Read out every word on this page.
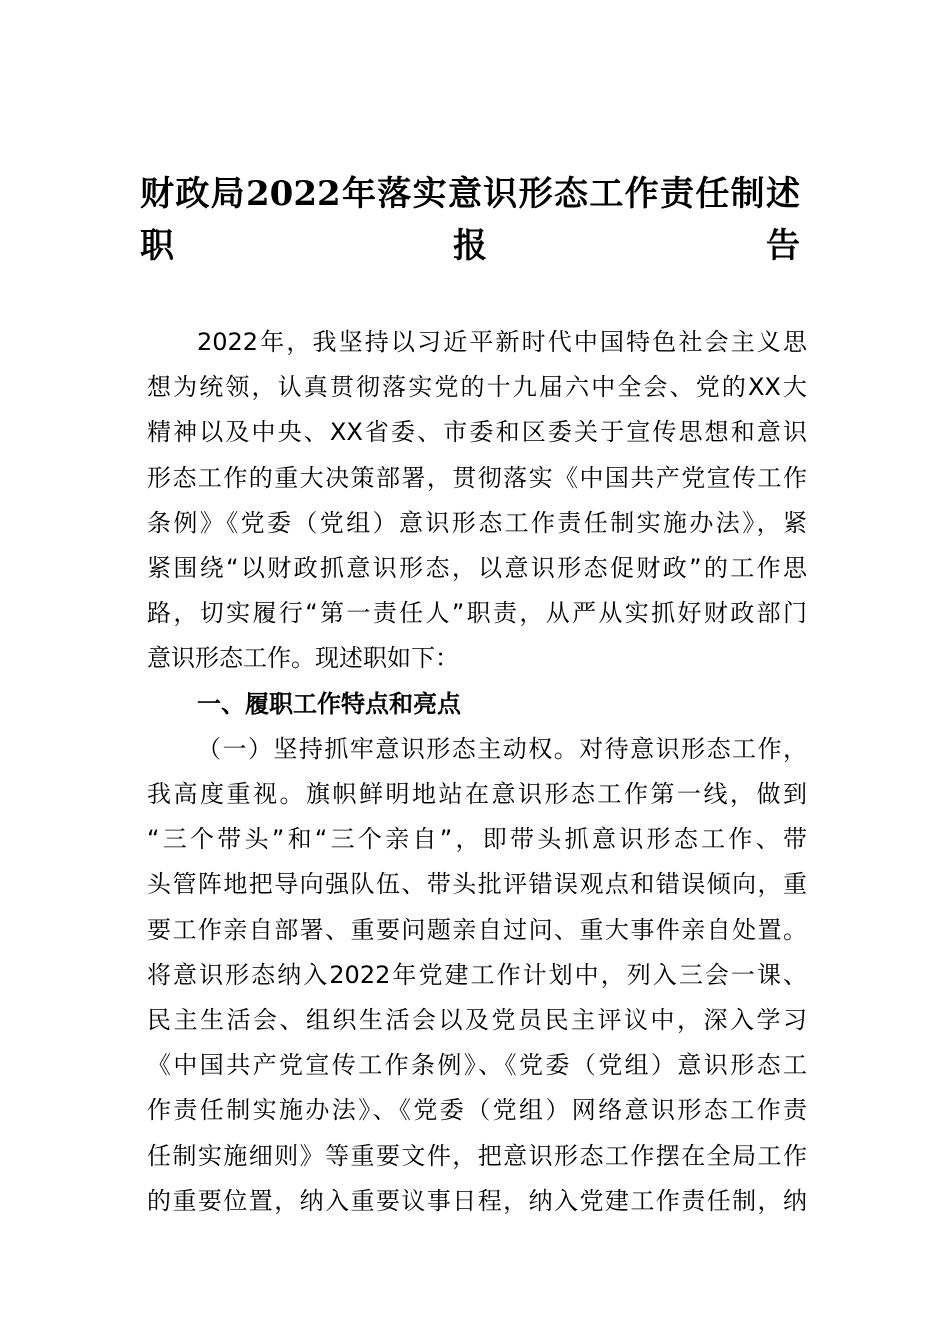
财政局2022年落实意识形态工作责任制述
职报告
2022年，我坚持以习近平新时代中国特色社会主义思
想为统领，认真贯彻落实党的十九届六中全会、党的XX大
精神以及中央、XX省委、市委和区委关于宣传思想和意识
形态工作的重大决策部署，贯彻落实《中国共产党宣传工作
条例》《党委（党组）意识形态工作责任制实施办法》，紧
紧围绕“以财政抓意识形态，以意识形态促财政”的工作思
路，切实履行“第一责任人”职责，从严从实抓好财政部门
意识形态工作。现述职如下：
一、履职工作特点和亮点
（一）坚持抓牢意识形态主动权。对待意识形态工作，
我高度重视。旗帜鲜明地站在意识形态工作第一线，做到
“三个带头”和“三个亲自”，即带头抓意识形态工作、带
头管阵地把导向强队伍、带头批评错误观点和错误倾向，重
要工作亲自部署、重要问题亲自过问、重大事件亲自处置。
将意识形态纳入2022年党建工作计划中，列入三会一课、
民主生活会、组织生活会以及党员民主评议中，深入学习
《中国共产党宣传工作条例》、《党委（党组）意识形态工
作责任制实施办法》、《党委（党组）网络意识形态工作责
任制实施细则》等重要文件，把意识形态工作摆在全局工作
的重要位置，纳入重要议事日程，纳入党建工作责任制，纳
